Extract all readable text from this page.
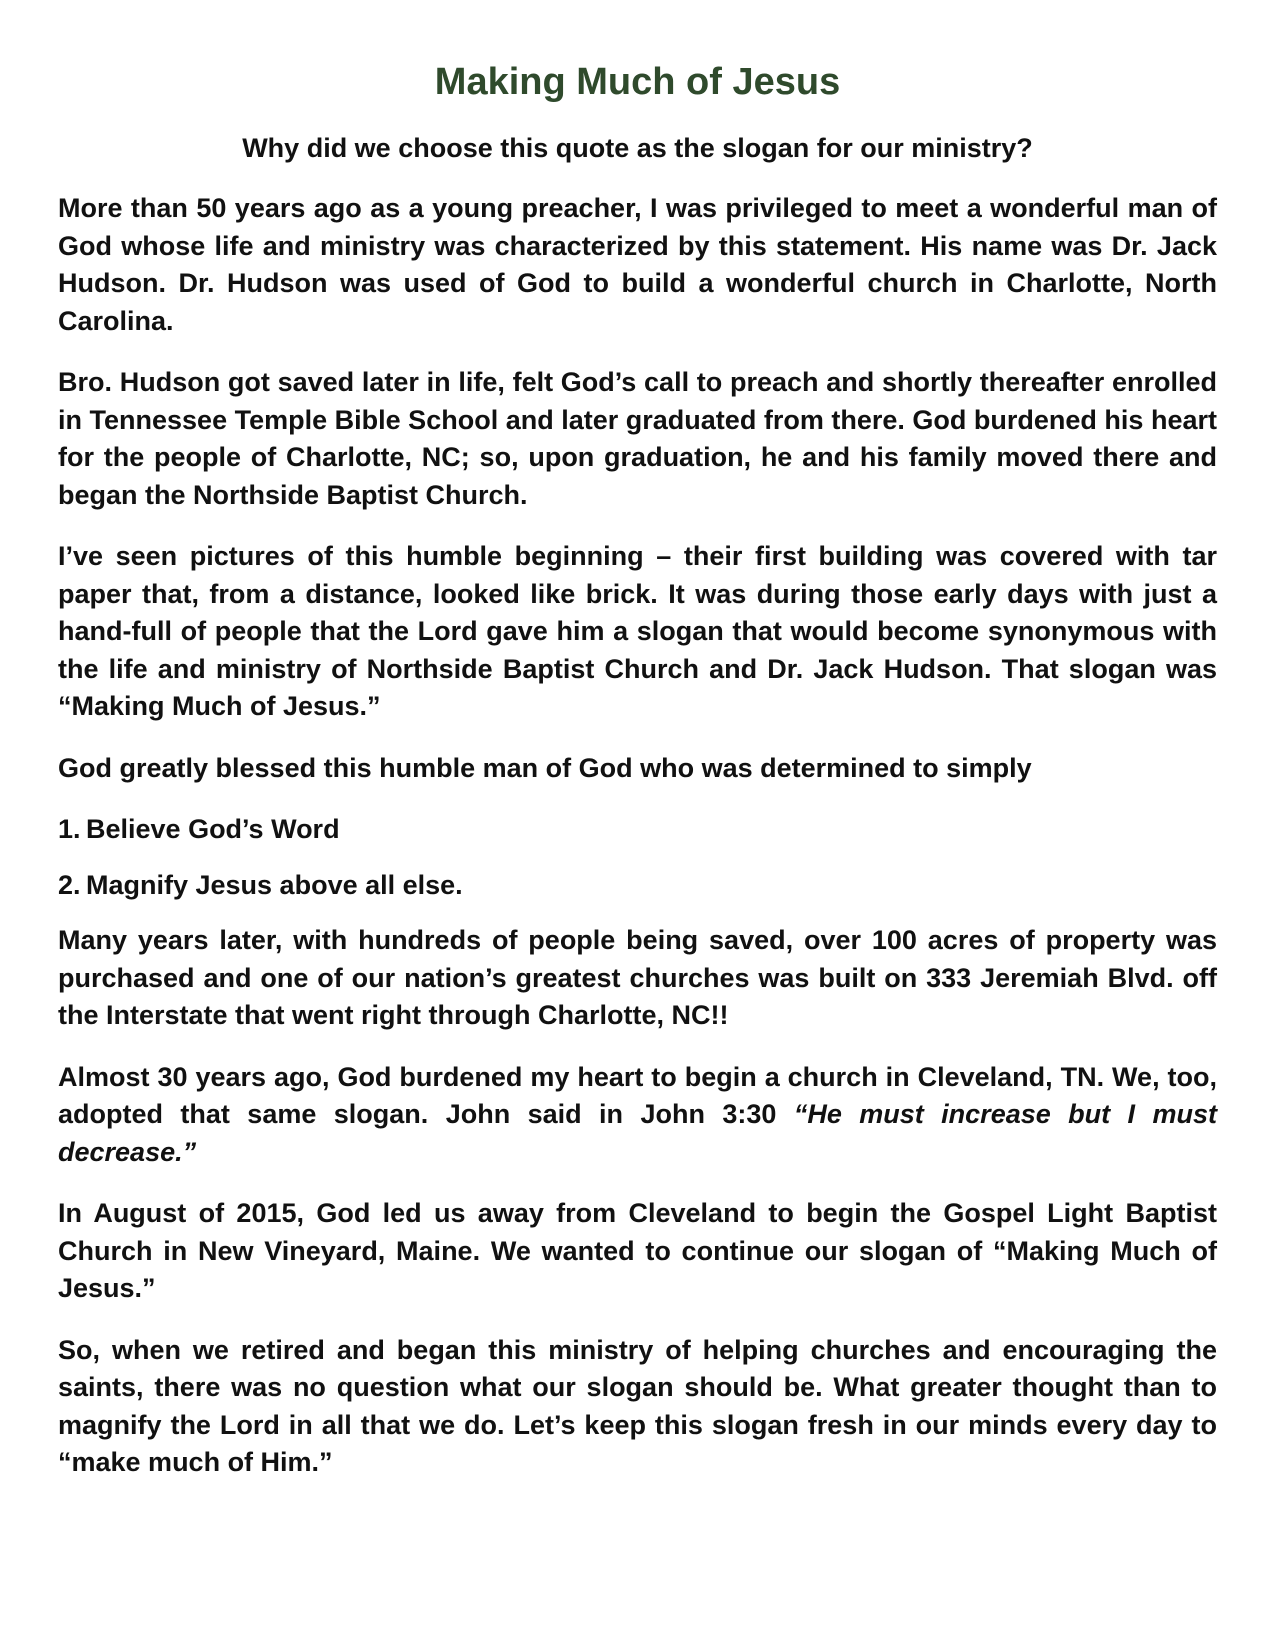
Making Much of Jesus
Why did we choose this quote as the slogan for our ministry?

More than 50 years ago as a young preacher, I was privileged to meet a wonderful man of God whose life and ministry was characterized by this statement. His name was Dr. Jack Hudson. Dr. Hudson was used of God to build a wonderful church in Charlotte, North Carolina.

Bro. Hudson got saved later in life, felt God’s call to preach and shortly thereafter enrolled in Tennessee Temple Bible School and later graduated from there. God burdened his heart for the people of Charlotte, NC; so, upon graduation, he and his family moved there and began the Northside Baptist Church.

I’ve seen pictures of this humble beginning – their first building was covered with tar paper that, from a distance, looked like brick. It was during those early days with just a hand-full of people that the Lord gave him a slogan that would become synonymous with the life and ministry of Northside Baptist Church and Dr. Jack Hudson. That slogan was “Making Much of Jesus.”

God greatly blessed this humble man of God who was determined to simply

1. Believe God’s Word
2. Magnify Jesus above all else.

Many years later, with hundreds of people being saved, over 100 acres of property was purchased and one of our nation’s greatest churches was built on 333 Jeremiah Blvd. off the Interstate that went right through Charlotte, NC!!

Almost 30 years ago, God burdened my heart to begin a church in Cleveland, TN. We, too, adopted that same slogan. John said in John 3:30 “He must increase but I must decrease.”

In August of 2015, God led us away from Cleveland to begin the Gospel Light Baptist Church in New Vineyard, Maine. We wanted to continue our slogan of “Making Much of Jesus.”

So, when we retired and began this ministry of helping churches and encouraging the saints, there was no question what our slogan should be. What greater thought than to magnify the Lord in all that we do. Let’s keep this slogan fresh in our minds every day to “make much of Him.”
